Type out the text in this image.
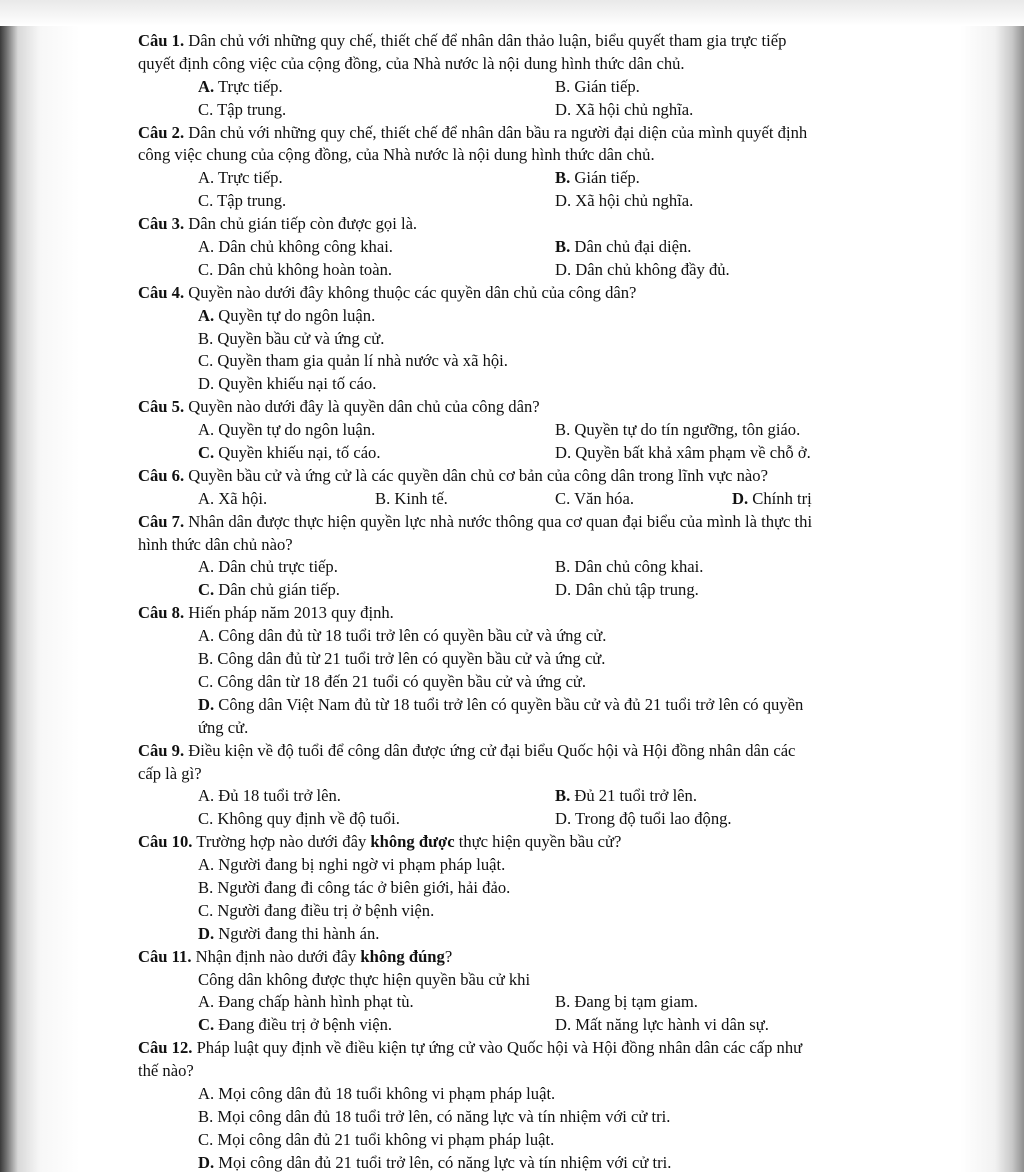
Câu 1. Dân chủ với những quy chế, thiết chế để nhân dân thảo luận, biểu quyết tham gia trực tiếp
quyết định công việc của cộng đồng, của Nhà nước là nội dung hình thức dân chủ.
A. Trực tiếp.	B. Gián tiếp.
C. Tập trung.	D. Xã hội chủ nghĩa.
Câu 2. Dân chủ với những quy chế, thiết chế để nhân dân bầu ra người đại diện của mình quyết định
công việc chung của cộng đồng, của Nhà nước là nội dung hình thức dân chủ.
A. Trực tiếp.	B. Gián tiếp.
C. Tập trung.	D. Xã hội chủ nghĩa.
Câu 3. Dân chủ gián tiếp còn được gọi là.
A. Dân chủ không công khai.	B. Dân chủ đại diện.
C. Dân chủ không hoàn toàn.	D. Dân chủ không đầy đủ.
Câu 4. Quyền nào dưới đây không thuộc các quyền dân chủ của công dân?
A. Quyền tự do ngôn luận.
B. Quyền bầu cử và ứng cử.
C. Quyền tham gia quản lí nhà nước và xã hội.
D. Quyền khiếu nại tố cáo.
Câu 5. Quyền nào dưới đây là quyền dân chủ của công dân?
A. Quyền tự do ngôn luận.	B. Quyền tự do tín ngưỡng, tôn giáo.
C. Quyền khiếu nại, tố cáo.	D. Quyền bất khả xâm phạm về chỗ ở.
Câu 6. Quyền bầu cử và ứng cử là các quyền dân chủ cơ bản của công dân trong lĩnh vực nào?
A. Xã hội.	B. Kinh tế.	C. Văn hóa.	D. Chính trị
Câu 7. Nhân dân được thực hiện quyền lực nhà nước thông qua cơ quan đại biểu của mình là thực thi
hình thức dân chủ nào?
A. Dân chủ trực tiếp.	B. Dân chủ công khai.
C. Dân chủ gián tiếp.	D. Dân chủ tập trung.
Câu 8. Hiến pháp năm 2013 quy định.
A. Công dân đủ từ 18 tuổi trở lên có quyền bầu cử và ứng cử.
B. Công dân đủ từ 21 tuổi trở lên có quyền bầu cử và ứng cử.
C. Công dân từ 18 đến 21 tuổi có quyền bầu cử và ứng cử.
D. Công dân Việt Nam đủ từ 18 tuổi trở lên có quyền bầu cử và đủ 21 tuổi trở lên có quyền
ứng cử.
Câu 9. Điều kiện về độ tuổi để công dân được ứng cử đại biểu Quốc hội và Hội đồng nhân dân các
cấp là gì?
A. Đủ 18 tuổi trở lên.	B. Đủ 21 tuổi trở lên.
C. Không quy định về độ tuổi.	D. Trong độ tuổi lao động.
Câu 10. Trường hợp nào dưới đây không được thực hiện quyền bầu cử?
A. Người đang bị nghi ngờ vi phạm pháp luật.
B. Người đang đi công tác ở biên giới, hải đảo.
C. Người đang điều trị ở bệnh viện.
D. Người đang thi hành án.
Câu 11. Nhận định nào dưới đây không đúng?
Công dân không được thực hiện quyền bầu cử khi
A. Đang chấp hành hình phạt tù.	B. Đang bị tạm giam.
C. Đang điều trị ở bệnh viện.	D. Mất năng lực hành vi dân sự.
Câu 12. Pháp luật quy định về điều kiện tự ứng cử vào Quốc hội và Hội đồng nhân dân các cấp như
thế nào?
A. Mọi công dân đủ 18 tuổi không vi phạm pháp luật.
B. Mọi công dân đủ 18 tuổi trở lên, có năng lực và tín nhiệm với cử tri.
C. Mọi công dân đủ 21 tuổi không vi phạm pháp luật.
D. Mọi công dân đủ 21 tuổi trở lên, có năng lực và tín nhiệm với cử tri.
